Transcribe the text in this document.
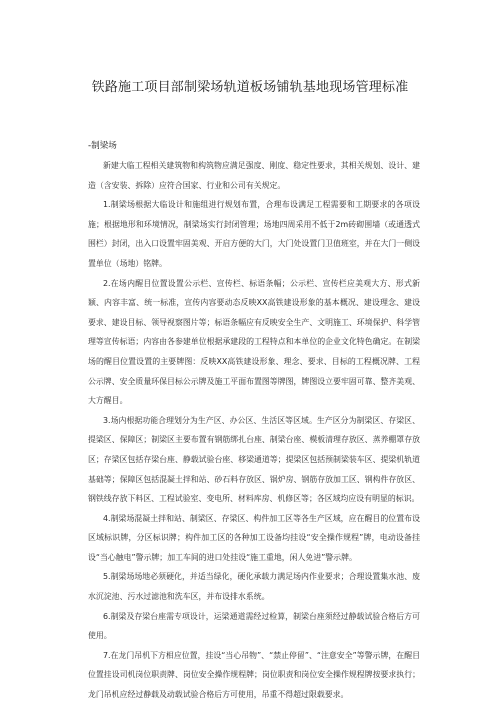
铁路施工项目部制梁场轨道板场铺轨基地现场管理标准

-制梁场

新建大临工程相关建筑物和构筑物应满足强度、刚度、稳定性要求，其相关规划、设计、建造（含安装、拆除）应符合国家、行业和公司有关规定。

1.制梁场根据大临设计和施组进行规划布置，合理布设满足工程需要和工期要求的各项设施；根据地形和环境情况，制梁场实行封闭管理；场地四周采用不低于2m砖砌围墙（或通透式围栏）封闭，出入口设置牢固美观、开启方便的大门，大门处设置门卫值班室，并在大门一侧设置单位（场地）铭牌。

2.在场内醒目位置设置公示栏、宣传栏、标语条幅；公示栏、宣传栏应美观大方、形式新颖、内容丰富、统一标准，宣传内容要动态反映XX高铁建设形象的基本概况、建设理念、建设要求、建设目标、领导视察图片等；标语条幅应有反映安全生产、文明施工、环境保护、科学管理等宣传标语；内容由各参建单位根据承建段的工程特点和本单位的企业文化特色确定。在制梁场的醒目位置设置的主要牌图：反映XX高铁建设形象、理念、要求、目标的工程概况牌、工程公示牌、安全质量环保目标公示牌及施工平面布置图等牌图，牌图设立要牢固可靠、整齐美观、大方醒目。

3.场内根据功能合理划分为生产区、办公区、生活区等区域。生产区分为制梁区、存梁区、提梁区、保障区；制梁区主要布置有钢筋绑扎台座、制梁台座、模板清理存放区、蒸养棚罩存放区；存梁区包括存梁台座、静载试验台座、移梁通道等；提梁区包括预制梁装车区、提梁机轨道基础等；保障区包括混凝土拌和站、砂石料存放区、锅炉房、钢筋存放加工区、钢构件存放区、钢铁线存放下料区、工程试验室、变电所、材料库房、机修区等；各区域均应设有明显的标识。

4.制梁场混凝土拌和站、制梁区、存梁区、构件加工区等各生产区域，应在醒目的位置布设区域标识牌，分区标识牌；构件加工区的各种加工设备均挂设“安全操作规程”牌，电动设备挂设“当心触电”警示牌；加工车间的进口处挂设“施工重地，闲人免进”警示牌。

5.制梁场场地必须硬化，并适当绿化，硬化承载力满足场内作业要求；合理设置集水池、废水沉淀池、污水过滤池和洗车区，并布设排水系统。

6.制梁及存梁台座需专项设计，运梁通道需经过检算，制梁台座须经过静载试验合格后方可使用。

7.在龙门吊机下方相应位置，挂设“当心吊物”、“禁止停留”、“注意安全”等警示牌，在醒目位置挂设司机岗位职责牌、岗位安全操作规程牌；岗位职责和岗位安全操作规程牌按要求执行；龙门吊机应经过静载及动载试验合格后方可使用，吊重不得超过限载要求。
